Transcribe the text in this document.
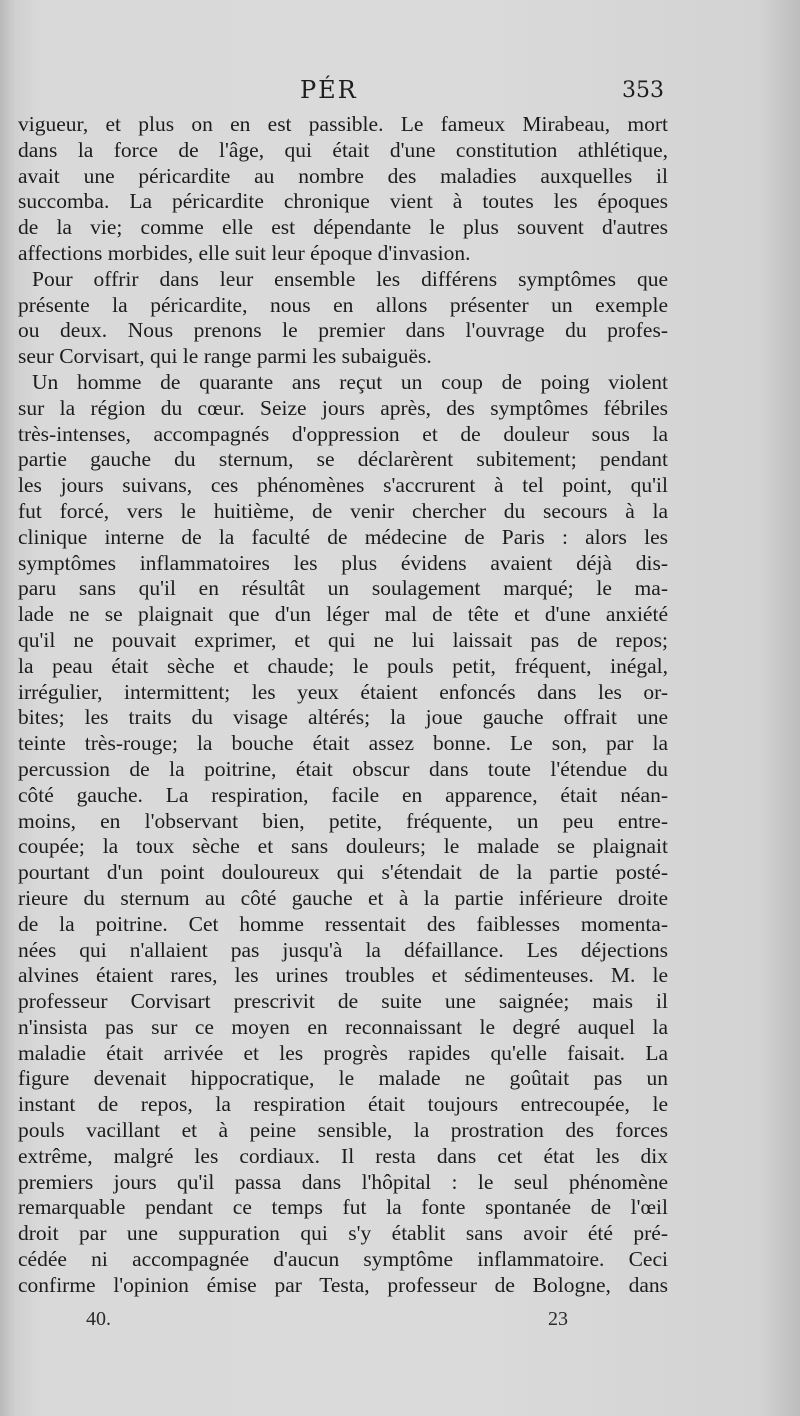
PÉR	353
vigueur, et plus on en est passible. Le fameux Mirabeau, mort
dans la force de l'âge, qui était d'une constitution athlétique,
avait une péricardite au nombre des maladies auxquelles il
succomba. La péricardite chronique vient à toutes les époques
de la vie; comme elle est dépendante le plus souvent d'autres
affections morbides, elle suit leur époque d'invasion.
Pour offrir dans leur ensemble les différens symptômes que
présente la péricardite, nous en allons présenter un exemple
ou deux. Nous prenons le premier dans l'ouvrage du profes-
seur Corvisart, qui le range parmi les subaiguës.
Un homme de quarante ans reçut un coup de poing violent
sur la région du cœur. Seize jours après, des symptômes fébriles
très-intenses, accompagnés d'oppression et de douleur sous la
partie gauche du sternum, se déclarèrent subitement; pendant
les jours suivans, ces phénomènes s'accrurent à tel point, qu'il
fut forcé, vers le huitième, de venir chercher du secours à la
clinique interne de la faculté de médecine de Paris : alors les
symptômes inflammatoires les plus évidens avaient déjà dis-
paru sans qu'il en résultât un soulagement marqué; le ma-
lade ne se plaignait que d'un léger mal de tête et d'une anxiété
qu'il ne pouvait exprimer, et qui ne lui laissait pas de repos;
la peau était sèche et chaude; le pouls petit, fréquent, inégal,
irrégulier, intermittent; les yeux étaient enfoncés dans les or-
bites; les traits du visage altérés; la joue gauche offrait une
teinte très-rouge; la bouche était assez bonne. Le son, par la
percussion de la poitrine, était obscur dans toute l'étendue du
côté gauche. La respiration, facile en apparence, était néan-
moins, en l'observant bien, petite, fréquente, un peu entre-
coupée; la toux sèche et sans douleurs; le malade se plaignait
pourtant d'un point douloureux qui s'étendait de la partie posté-
rieure du sternum au côté gauche et à la partie inférieure droite
de la poitrine. Cet homme ressentait des faiblesses momenta-
nées qui n'allaient pas jusqu'à la défaillance. Les déjections
alvines étaient rares, les urines troubles et sédimenteuses. M. le
professeur Corvisart prescrivit de suite une saignée; mais il
n'insista pas sur ce moyen en reconnaissant le degré auquel la
maladie était arrivée et les progrès rapides qu'elle faisait. La
figure devenait hippocratique, le malade ne goûtait pas un
instant de repos, la respiration était toujours entrecoupée, le
pouls vacillant et à peine sensible, la prostration des forces
extrême, malgré les cordiaux. Il resta dans cet état les dix
premiers jours qu'il passa dans l'hôpital : le seul phénomène
remarquable pendant ce temps fut la fonte spontanée de l'œil
droit par une suppuration qui s'y établit sans avoir été pré-
cédée ni accompagnée d'aucun symptôme inflammatoire. Ceci
confirme l'opinion émise par Testa, professeur de Bologne, dans
40.	23
